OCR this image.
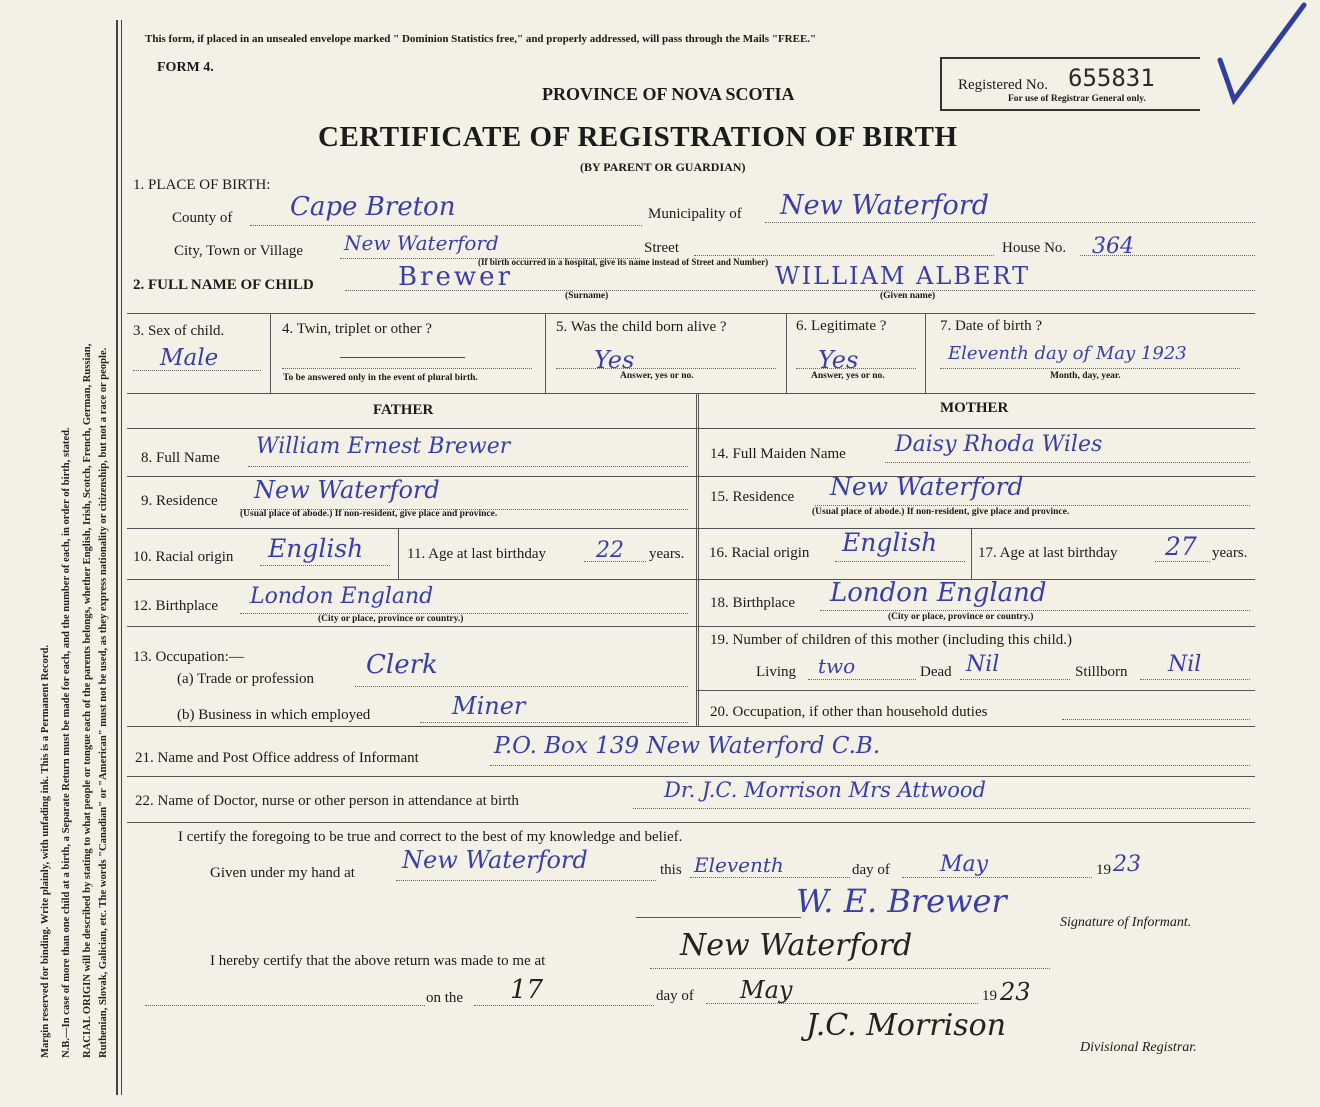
Margin reserved for binding. Write plainly, with unfading ink. This is a Permanent Record. N.B.—In case of more than one child at a birth, a Separate Return must be made for each, and the number of each, in order of birth, stated. RACIAL ORIGIN will be described by stating to what people or tongue each of the parents belongs, whether English, Irish, Scotch, French, German, Russian, Ruthenian, Slovak, Galician, etc. The words "Canadian" or "American" must not be used, as they express nationality or citizenship, but not a race or people.
This form, if placed in an unsealed envelope marked " Dominion Statistics free," and properly addressed, will pass through the Mails "FREE."
FORM 4.
PROVINCE OF NOVA SCOTIA
CERTIFICATE OF REGISTRATION OF BIRTH
(BY PARENT OR GUARDIAN)
Registered No. 655831
For use of Registrar General only.
1. PLACE OF BIRTH:
County of Cape Breton	Municipality of New Waterford
City, Town or Village New Waterford	Street
(If birth occurred in a hospital, give its name instead of Street and Number)
House No. 364
2. FULL NAME OF CHILD	Brewer	WILLIAM ALBERT
(Surname)	(Given name)
3. Sex of child.
Male
4. Twin, triplet or other ?
To be answered only in the event of plural birth.
5. Was the child born alive ?
Yes
Answer, yes or no.
6. Legitimate ?
Yes
Answer, yes or no.
7. Date of birth ?
Eleventh day of May 1923
Month, day, year.
FATHER	MOTHER
8. Full Name William Ernest Brewer	14. Full Maiden Name Daisy Rhoda Wiles
9. Residence New Waterford
(Usual place of abode.) If non-resident, give place and province.
15. Residence New Waterford
(Usual place of abode.) If non-resident, give place and province.
10. Racial origin English	11. Age at last birthday 22 years. 16. Racial origin English	17. Age at last birthday 27 years.
12. Birthplace London England
(City or place, province or country.)
18. Birthplace London England
(City or place, province or country.)
13. Occupation:—
(a) Trade or profession Clerk
(b) Business in which employed	Miner
19. Number of children of this mother (including this child.)
Living two	Dead Nil	Stillborn Nil
20. Occupation, if other than household duties
21. Name and Post Office address of Informant	P.O. Box 139 New Waterford C.B.
22. Name of Doctor, nurse or other person in attendance at birth	Dr. J.C. Morrison Mrs Attwood
I certify the foregoing to be true and correct to the best of my knowledge and belief.
Given under my hand at New Waterford	this Eleventh	day of May	19 23
W. E. Brewer
Signature of Informant.
I hereby certify that the above return was made to me at	New Waterford
on the 17	day of May	19 23
J.C. Morrison
Divisional Registrar.
